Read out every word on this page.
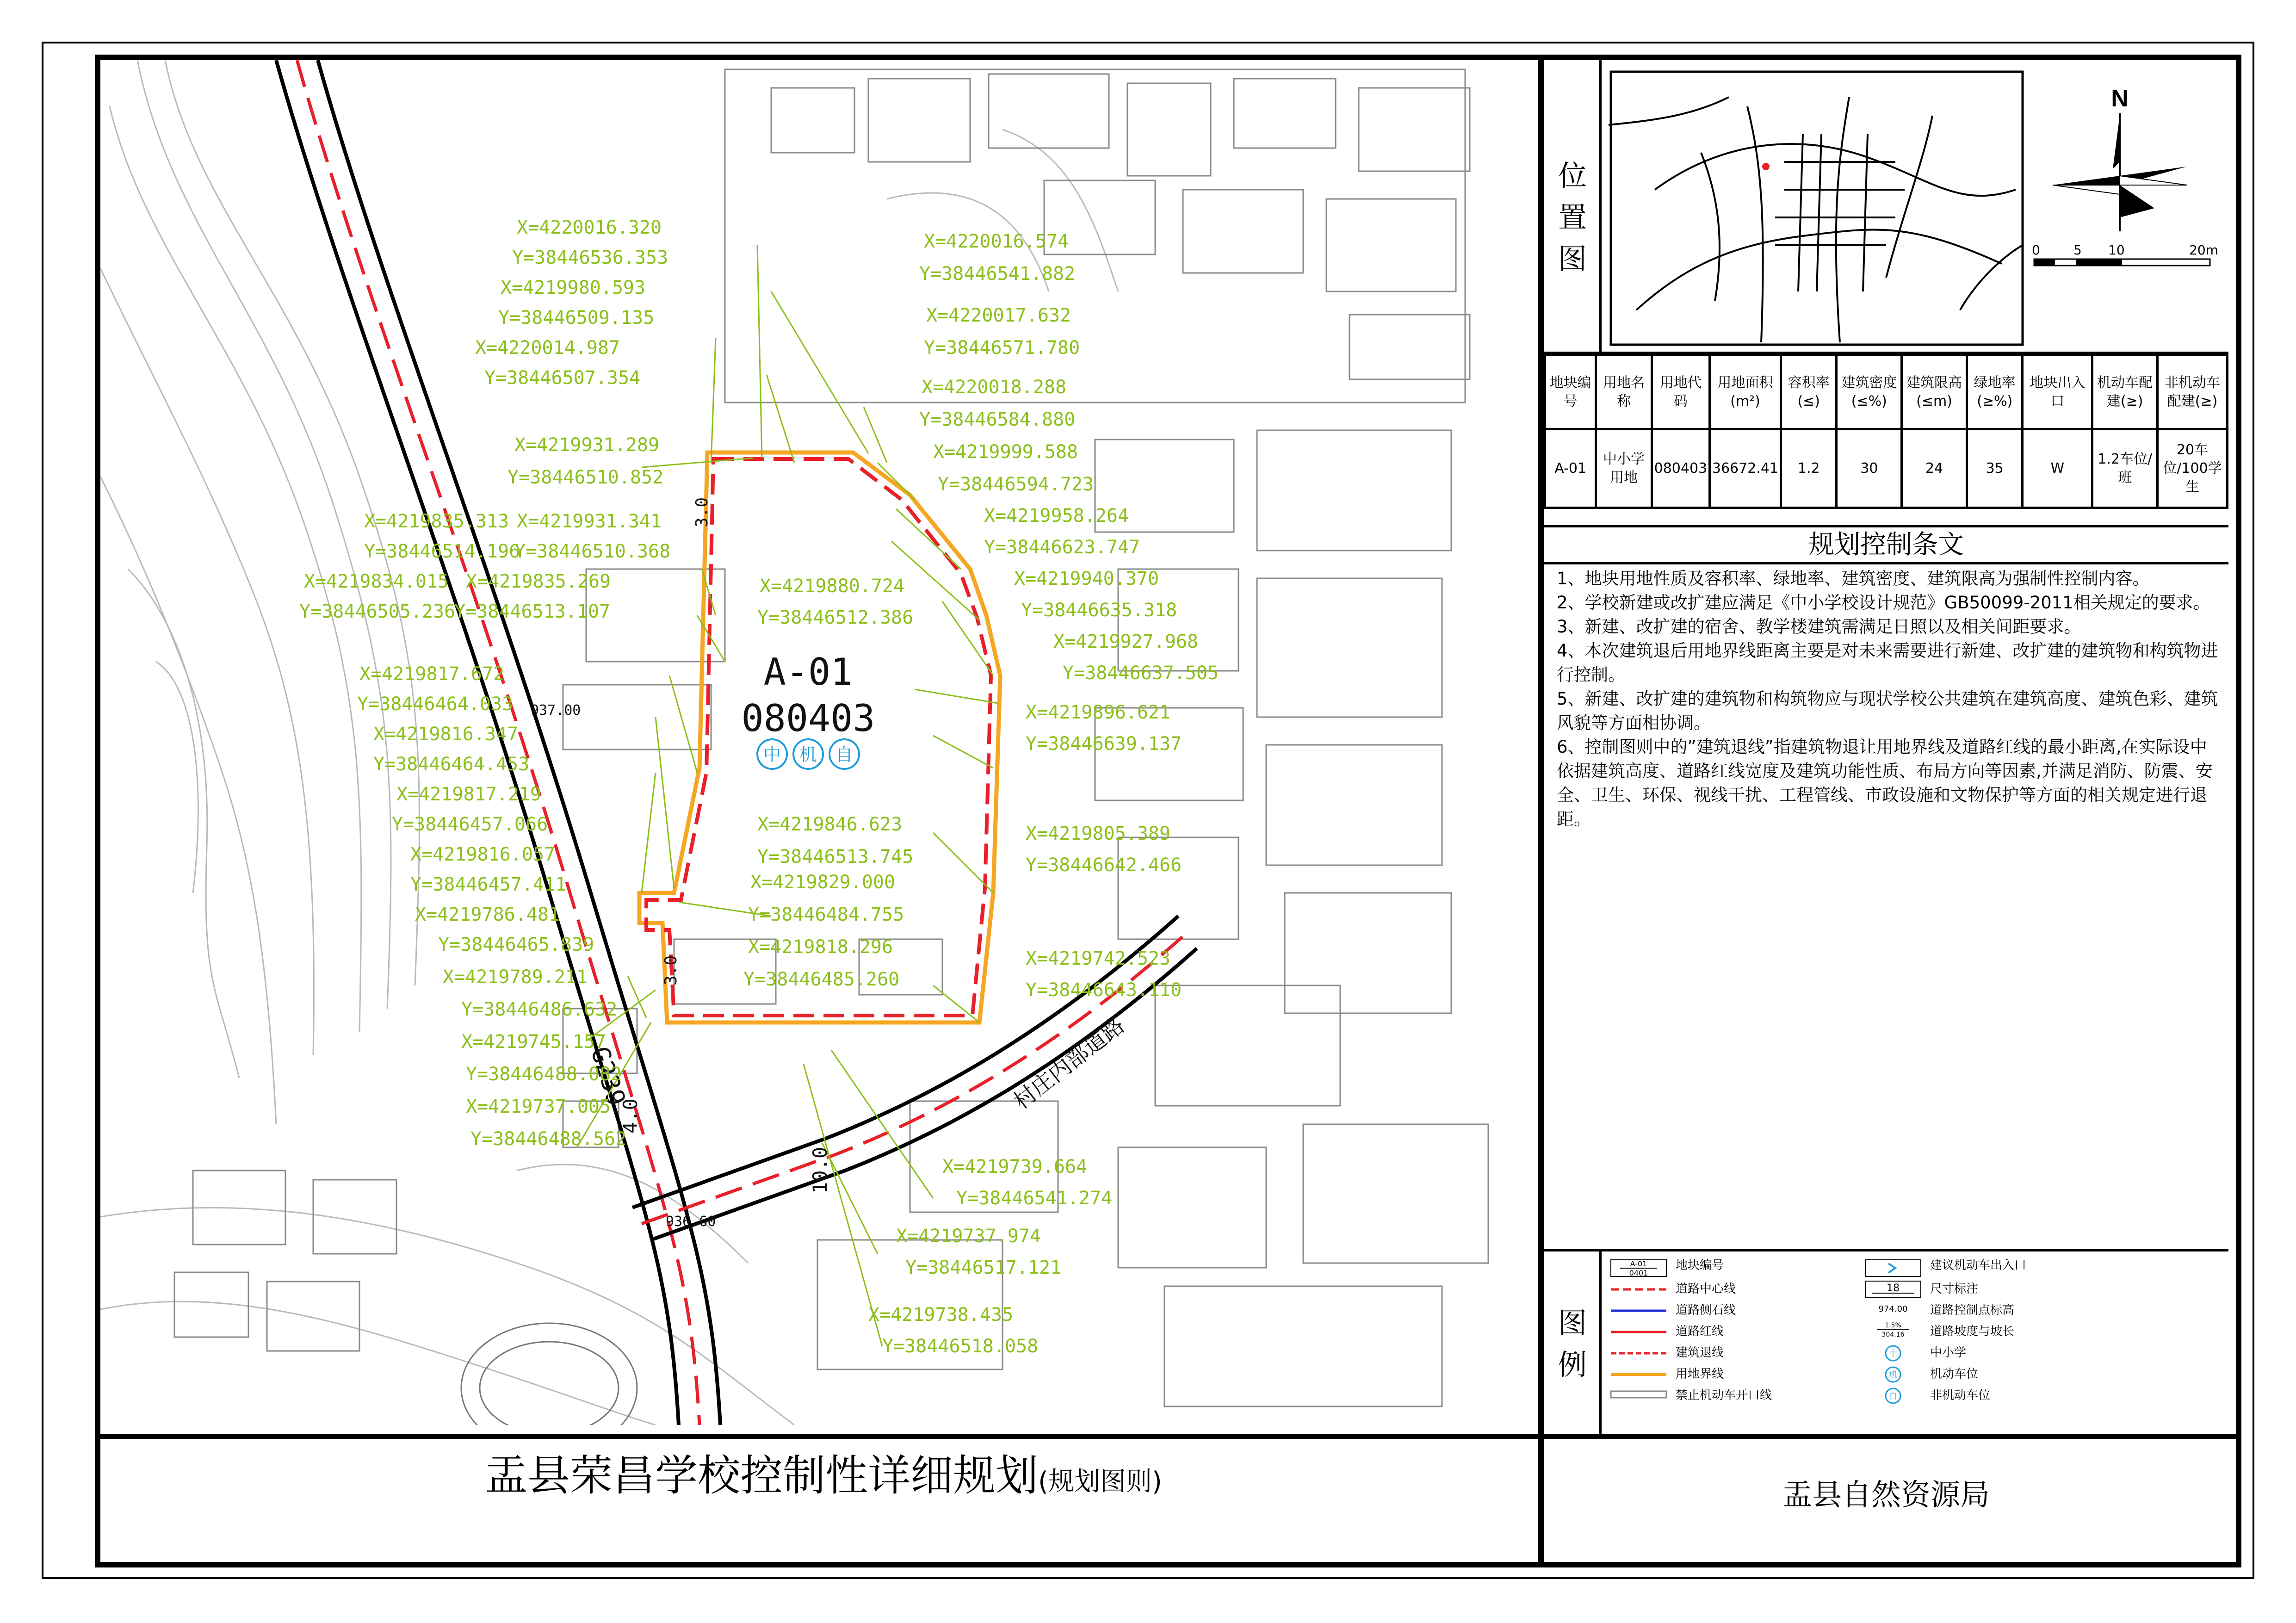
A-01
080403
中 机 自
G239	村庄内部道路
3.0
3.0
4.0
10.0
937.00
936.60
X=4220016.320
Y=38446536.353
X=4219980.593
Y=38446509.135
X=4220014.987
Y=38446507.354
X=4219931.289
Y=38446510.852
X=4219835.313 X=4219931.341
Y=38446514.196
Y=38446510.368
X=4219834.015 X=4219835.269
Y=38446505.236
Y=38446513.107
X=4219817.672
Y=38446464.033
X=4219816.347
Y=38446464.453
X=4219817.219
Y=38446457.066
X=4219816.057
Y=38446457.411
X=4219786.481
Y=38446465.839
X=4219789.211
Y=38446486.632
X=4219745.157
Y=38446488.082
X=4219737.005
Y=38446488.562
X=4220016.574
Y=38446541.882
X=4220017.632
Y=38446571.780
X=4220018.288
Y=38446584.880
X=4219999.588
Y=38446594.723
X=4219958.264
Y=38446623.747
X=4219940.370
Y=38446635.318
X=4219927.968
Y=38446637.505
X=4219896.621
Y=38446639.137
X=4219805.389
Y=38446642.466
X=4219742.523
Y=38446643.110
X=4219739.664
Y=38446541.274
X=4219737.974
Y=38446517.121
X=4219738.435
Y=38446518.058
X=4219880.724
Y=38446512.386
X=4219846.623
Y=38446513.745
X=4219829.000
Y=38446484.755
X=4219818.296
Y=38446485.260
位置图
N
0	5 10	20m
地块编号	用地名称	用地代码	用地面积(m²)	容积率(≤)	建筑密度(≤%)	建筑限高(≤m)	绿地率(≥%)	地块出入口	机动车配建(≥)	非机动车配建(≥)
A-01	中小学用地	080403	36672.41	1.2	30	24	35	W	1.2车位/班	20车位/100学生
规划控制条文
1、地块用地性质及容积率、绿地率、建筑密度、建筑限高为强制性控制内容。
2、学校新建或改扩建应满足《中小学校设计规范》GB50099-2011相关规定的要求。
3、新建、改扩建的宿舍、教学楼建筑需满足日照以及相关间距要求。
4、本次建筑退后用地界线距离主要是对未来需要进行新建、改扩建的建筑物和构筑物进行控制。
5、新建、改扩建的建筑物和构筑物应与现状学校公共建筑在建筑高度、建筑色彩、建筑风貌等方面相协调。
6、控制图则中的”建筑退线”指建筑物退让用地界线及道路红线的最小距离,在实际设中依据建筑高度、道路红线宽度及建筑功能性质、布局方向等因素,并满足消防、防震、安全、卫生、环保、视线干扰、工程管线、市政设施和文物保护等方面的相关规定进行退距。
图例
A-01
0401
18
974.00
1.5%
304.16
中
机
自
地块编号
道路中心线
道路侧石线
道路红线
建筑退线
用地界线
禁止机动车开口线
建议机动车出入口
尺寸标注
道路控制点标高
道路坡度与坡长
中小学
机动车位
非机动车位
盂县荣昌学校控制性详细规划(规划图则)	盂县自然资源局
